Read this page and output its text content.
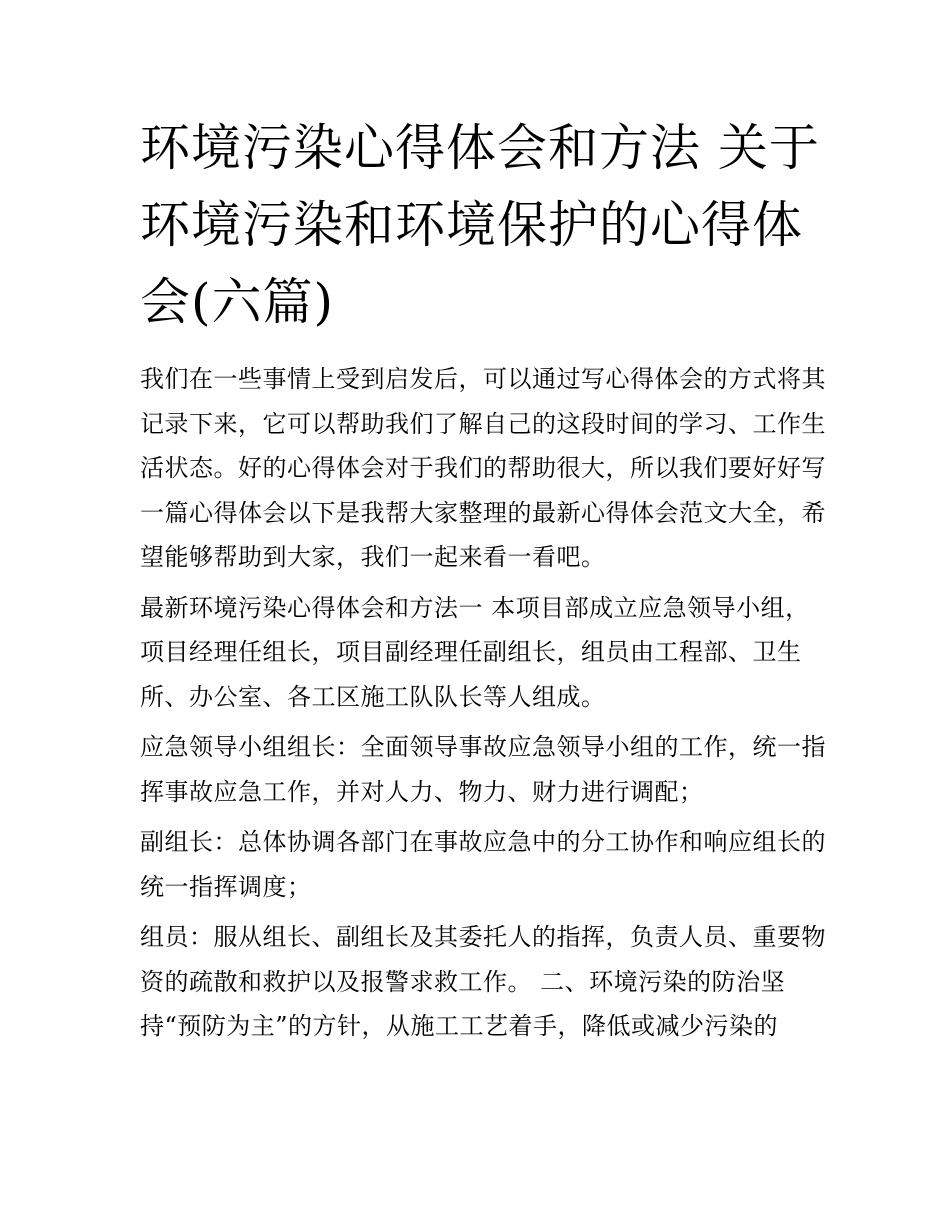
环境污染心得体会和方法 关于环境污染和环境保护的心得体会(六篇)

我们在一些事情上受到启发后，可以通过写心得体会的方式将其记录下来，它可以帮助我们了解自己的这段时间的学习、工作生活状态。好的心得体会对于我们的帮助很大，所以我们要好好写一篇心得体会以下是我帮大家整理的最新心得体会范文大全，希望能够帮助到大家，我们一起来看一看吧。

最新环境污染心得体会和方法一 本项目部成立应急领导小组，项目经理任组长，项目副经理任副组长，组员由工程部、卫生所、办公室、各工区施工队队长等人组成。

应急领导小组组长：全面领导事故应急领导小组的工作，统一指挥事故应急工作，并对人力、物力、财力进行调配；

副组长：总体协调各部门在事故应急中的分工协作和响应组长的统一指挥调度；

组员：服从组长、副组长及其委托人的指挥，负责人员、重要物资的疏散和救护以及报警求救工作。 二、环境污染的防治坚持“预防为主”的方针，从施工工艺着手，降低或减少污染的
